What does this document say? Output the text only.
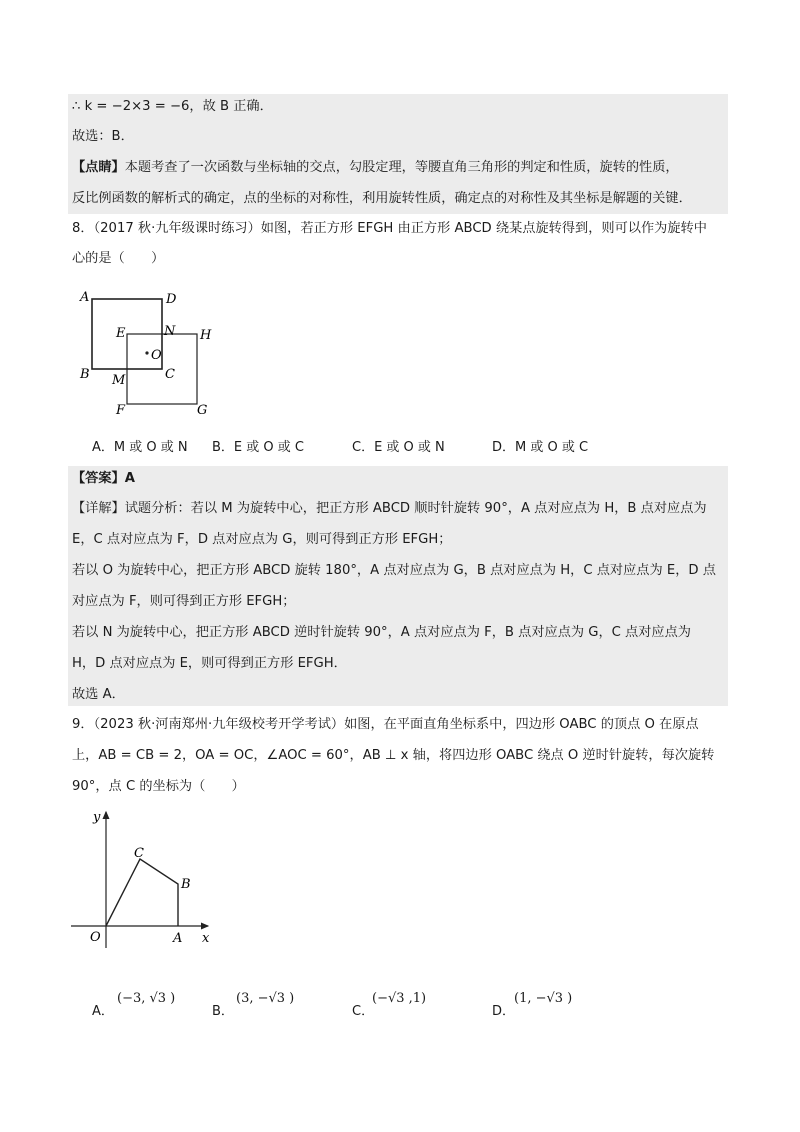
∴ k = −2×3 = −6，故 B 正确．
故选：B．
【点睛】本题考查了一次函数与坐标轴的交点，勾股定理，等腰直角三角形的判定和性质，旋转的性质，
反比例函数的解析式的确定，点的坐标的对称性，利用旋转性质，确定点的对称性及其坐标是解题的关键．
8．（2017 秋·九年级课时练习）如图，若正方形 EFGH 由正方形 ABCD 绕某点旋转得到，则可以作为旋转中
心的是（　　）
A	D
E	N H
O
B M	C
F	G
A．M 或 O 或 N B．E 或 O 或 C	C．E 或 O 或 N	D．M 或 O 或 C
【答案】A
【详解】试题分析：若以 M 为旋转中心，把正方形 ABCD 顺时针旋转 90°，A 点对应点为 H，B 点对应点为
E，C 点对应点为 F，D 点对应点为 G，则可得到正方形 EFGH；
若以 O 为旋转中心，把正方形 ABCD 旋转 180°，A 点对应点为 G，B 点对应点为 H，C 点对应点为 E，D 点
对应点为 F，则可得到正方形 EFGH；
若以 N 为旋转中心，把正方形 ABCD 逆时针旋转 90°，A 点对应点为 F，B 点对应点为 G，C 点对应点为
H，D 点对应点为 E，则可得到正方形 EFGH．
故选 A．
9．（2023 秋·河南郑州·九年级校考开学考试）如图，在平面直角坐标系中，四边形 OABC 的顶点 O 在原点
上，AB = CB = 2，OA = OC，∠AOC = 60°，AB ⊥ x 轴，将四边形 OABC 绕点 O 逆时针旋转，每次旋转
90°，点 C 的坐标为（　　）
y
x
O	A
B
C
A．
(−3, √3 )
B．
(3, −√3 )
C．
(−√3 ,1)
D．
(1, −√3 )
